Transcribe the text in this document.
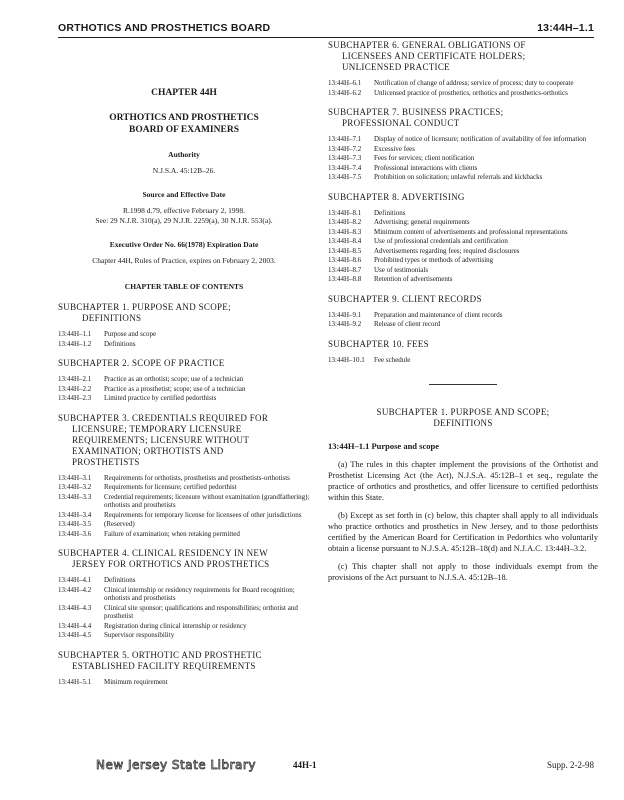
ORTHOTICS AND PROSTHETICS BOARD	13:44H–1.1
CHAPTER 44H
ORTHOTICS AND PROSTHETICS
BOARD OF EXAMINERS
Authority
N.J.S.A. 45:12B–26.
Source and Effective Date
R.1998 d.79, effective February 2, 1998.
See: 29 N.J.R. 310(a), 29 N.J.R. 2259(a), 30 N.J.R. 553(a).
Executive Order No. 66(1978) Expiration Date
Chapter 44H, Rules of Practice, expires on February 2, 2003.
CHAPTER TABLE OF CONTENTS
SUBCHAPTER 1. PURPOSE AND SCOPE;
DEFINITIONS
13:44H–1.1	Purpose and scope
13:44H–1.2	Definitions
SUBCHAPTER 2. SCOPE OF PRACTICE
13:44H–2.1	Practice as an orthotist; scope; use of a technician
13:44H–2.2	Practice as a prosthetist; scope; use of a technician
13:44H–2.3	Limited practice by certified pedorthists
SUBCHAPTER 3. CREDENTIALS REQUIRED FOR
LICENSURE; TEMPORARY LICENSURE
REQUIREMENTS; LICENSURE WITHOUT
EXAMINATION; ORTHOTISTS AND
PROSTHETISTS
13:44H–3.1	Requirements for orthotists, prosthetists and prosthetists-orthotists
13:44H–3.2	Requirements for licensure; certified pedorthist
13:44H–3.3	Credential requirements; licensure without examination (grandfathering); orthotists and prosthetists
13:44H–3.4	Requirements for temporary license for licensees of other jurisdictions
13:44H–3.5	(Reserved)
13:44H–3.6	Failure of examination; when retaking permitted
SUBCHAPTER 4. CLINICAL RESIDENCY IN NEW
JERSEY FOR ORTHOTICS AND PROSTHETICS
13:44H–4.1	Definitions
13:44H–4.2	Clinical internship or residency requirements for Board recognition; orthotists and prosthetists
13:44H–4.3	Clinical site sponsor; qualifications and responsibilities; orthotist and prosthetist
13:44H–4.4	Registration during clinical internship or residency
13:44H–4.5	Supervisor responsibility
SUBCHAPTER 5. ORTHOTIC AND PROSTHETIC
ESTABLISHED FACILITY REQUIREMENTS
13:44H–5.1	Minimum requirement
SUBCHAPTER 6. GENERAL OBLIGATIONS OF
LICENSEES AND CERTIFICATE HOLDERS;
UNLICENSED PRACTICE
13:44H–6.1	Notification of change of address; service of process; duty to cooperate
13:44H–6.2	Unlicensed practice of prosthetics, orthotics and prosthetics-orthotics
SUBCHAPTER 7. BUSINESS PRACTICES;
PROFESSIONAL CONDUCT
13:44H–7.1	Display of notice of licensure; notification of availability of fee information
13:44H–7.2	Excessive fees
13:44H–7.3	Fees for services; client notification
13:44H–7.4	Professional interactions with clients
13:44H–7.5	Prohibition on solicitation; unlawful referrals and kickbacks
SUBCHAPTER 8. ADVERTISING
13:44H–8.1	Definitions
13:44H–8.2	Advertising; general requirements
13:44H–8.3	Minimum content of advertisements and professional representations
13:44H–8.4	Use of professional credentials and certification
13:44H–8.5	Advertisements regarding fees; required disclosures
13:44H–8.6	Prohibited types or methods of advertising
13:44H–8.7	Use of testimonials
13:44H–8.8	Retention of advertisements
SUBCHAPTER 9. CLIENT RECORDS
13:44H–9.1	Preparation and maintenance of client records
13:44H–9.2	Release of client record
SUBCHAPTER 10. FEES
13:44H–10.1	Fee schedule
SUBCHAPTER 1. PURPOSE AND SCOPE;
DEFINITIONS
13:44H–1.1 Purpose and scope
(a) The rules in this chapter implement the provisions of the Orthotist and Prosthetist Licensing Act (the Act), N.J.S.A. 45:12B–1 et seq., regulate the practice of orthotics and prosthetics, and offer licensure to certified pedorthists within this State.
(b) Except as set forth in (c) below, this chapter shall apply to all individuals who practice orthotics and prosthetics in New Jersey, and to those pedorthists certified by the American Board for Certification in Pedorthics who voluntarily obtain a license pursuant to N.J.S.A. 45:12B–18(d) and N.J.A.C. 13:44H–3.2.
(c) This chapter shall not apply to those individuals exempt from the provisions of the Act pursuant to N.J.S.A. 45:12B–18.
New Jersey State Library	44H-1	Supp. 2-2-98
